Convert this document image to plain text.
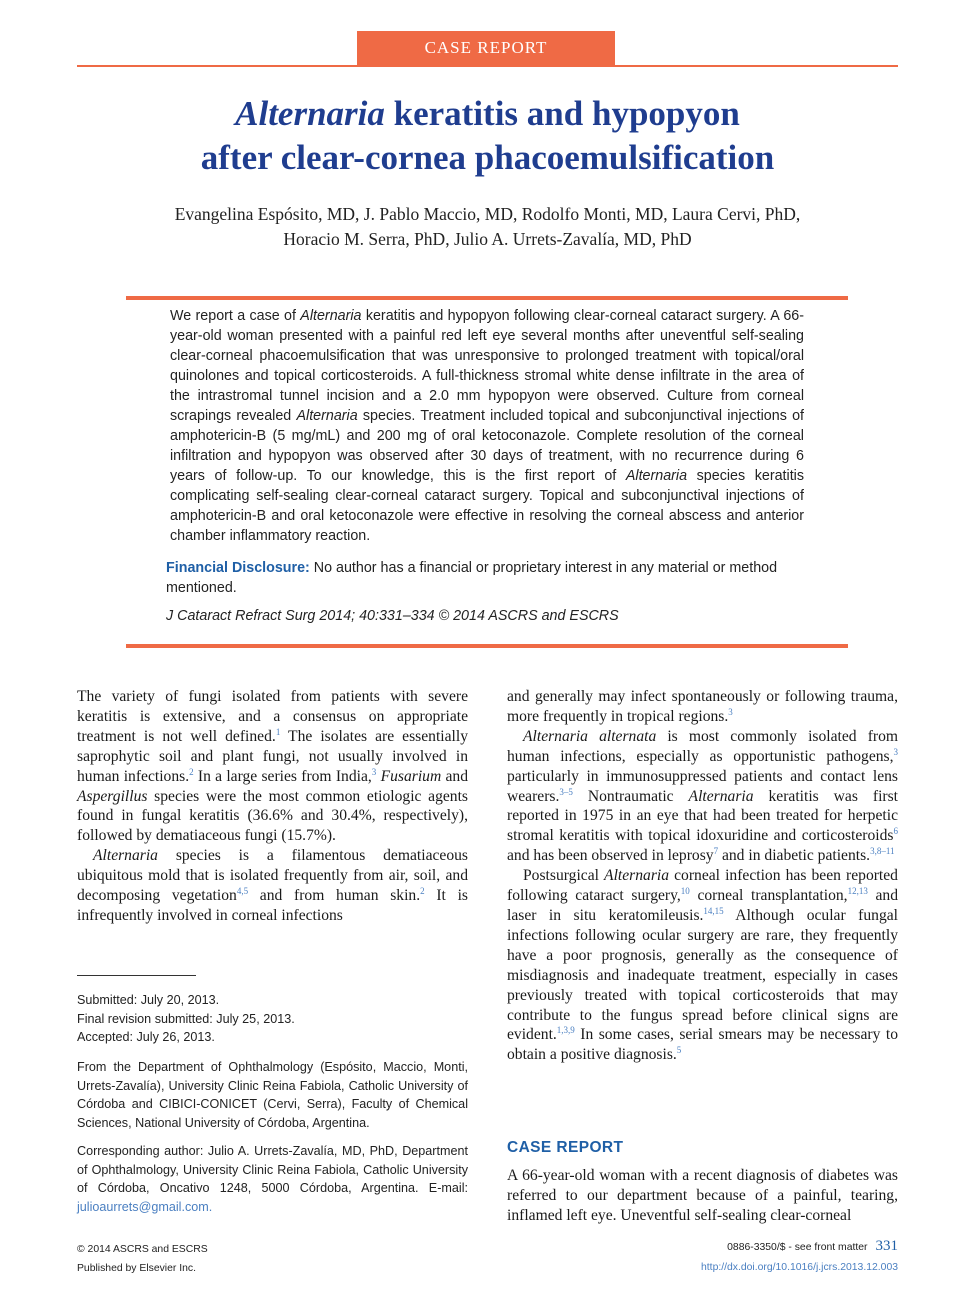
CASE REPORT
Alternaria keratitis and hypopyon
after clear-cornea phacoemulsification
Evangelina Espósito, MD, J. Pablo Maccio, MD, Rodolfo Monti, MD, Laura Cervi, PhD,
Horacio M. Serra, PhD, Julio A. Urrets-Zavalía, MD, PhD
We report a case of Alternaria keratitis and hypopyon following clear-corneal cataract surgery. A 66-year-old woman presented with a painful red left eye several months after uneventful self-sealing clear-corneal phacoemulsification that was unresponsive to prolonged treatment with topical/oral quinolones and topical corticosteroids. A full-thickness stromal white dense infiltrate in the area of the intrastromal tunnel incision and a 2.0 mm hypopyon were observed. Culture from corneal scrapings revealed Alternaria species. Treatment included topical and subconjunctival injections of amphotericin-B (5 mg/mL) and 200 mg of oral ketoconazole. Complete resolution of the corneal infiltration and hypopyon was observed after 30 days of treatment, with no recurrence during 6 years of follow-up. To our knowledge, this is the first report of Alternaria species keratitis complicating self-sealing clear-corneal cataract surgery. Topical and subconjunctival injections of amphotericin-B and oral ketoconazole were effective in resolving the corneal abscess and anterior chamber inflammatory reaction.
Financial Disclosure: No author has a financial or proprietary interest in any material or method mentioned.
J Cataract Refract Surg 2014; 40:331–334 © 2014 ASCRS and ESCRS

The variety of fungi isolated from patients with severe keratitis is extensive, and a consensus on appropriate treatment is not well defined.$^1$ The isolates are essentially saprophytic soil and plant fungi, not usually involved in human infections.$^2$ In a large series from India,$^3$ Fusarium and Aspergillus species were the most common etiologic agents found in fungal keratitis (36.6% and 30.4%, respectively), followed by dematiaceous fungi (15.7%).

Alternaria species is a filamentous dematiaceous ubiquitous mold that is isolated frequently from air, soil, and decomposing vegetation$^{4,5}$ and from human skin.$^2$ It is infrequently involved in corneal infections

Submitted: July 20, 2013.
Final revision submitted: July 25, 2013.
Accepted: July 26, 2013.
From the Department of Ophthalmology (Espósito, Maccio, Monti, Urrets-Zavalía), University Clinic Reina Fabiola, Catholic University of Córdoba and CIBICI-CONICET (Cervi, Serra), Faculty of Chemical Sciences, National University of Córdoba, Argentina.
Corresponding author: Julio A. Urrets-Zavalía, MD, PhD, Department of Ophthalmology, University Clinic Reina Fabiola, Catholic University of Córdoba, Oncativo 1248, 5000 Córdoba, Argentina. E-mail: julioaurrets@gmail.com.

and generally may infect spontaneously or following trauma, more frequently in tropical regions.$^3$

Alternaria alternata is most commonly isolated from human infections, especially as opportunistic pathogens,$^3$ particularly in immunosuppressed patients and contact lens wearers.$^{3-5}$ Nontraumatic Alternaria keratitis was first reported in 1975 in an eye that had been treated for herpetic stromal keratitis with topical idoxuridine and corticosteroids$^6$ and has been observed in leprosy$^7$ and in diabetic patients.$^{3,8-11}$

Postsurgical Alternaria corneal infection has been reported following cataract surgery,$^{10}$ corneal transplantation,$^{12,13}$ and laser in situ keratomileusis.$^{14,15}$ Although ocular fungal infections following ocular surgery are rare, they frequently have a poor prognosis, generally as the consequence of misdiagnosis and inadequate treatment, especially in cases previously treated with topical corticosteroids that may contribute to the fungus spread before clinical signs are evident.$^{1,3,9}$ In some cases, serial smears may be necessary to obtain a positive diagnosis.$^5$

CASE REPORT
A 66-year-old woman with a recent diagnosis of diabetes was referred to our department because of a painful, tearing, inflamed left eye. Uneventful self-sealing clear-corneal
© 2014 ASCRS and ESCRS
Published by Elsevier Inc.
0886-3350/$ - see front matter 331
http://dx.doi.org/10.1016/j.jcrs.2013.12.003
